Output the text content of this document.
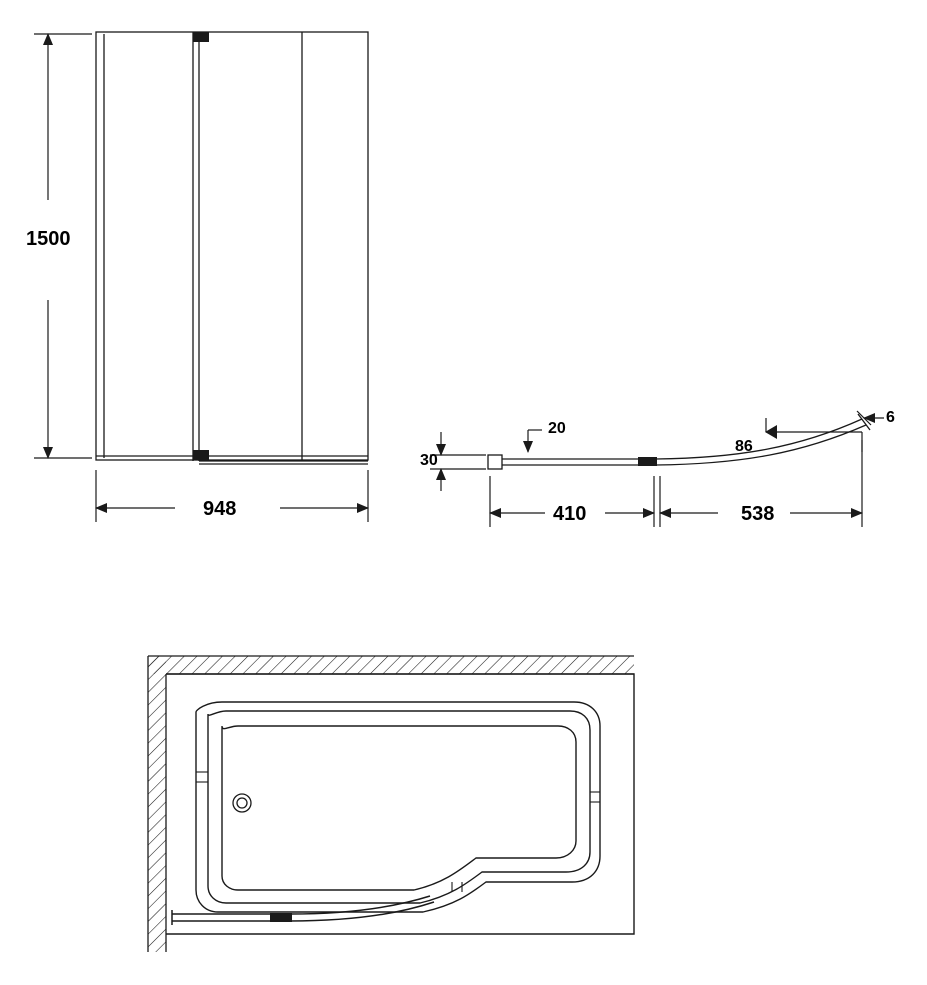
1500
948
30
20
86
6
410	538
